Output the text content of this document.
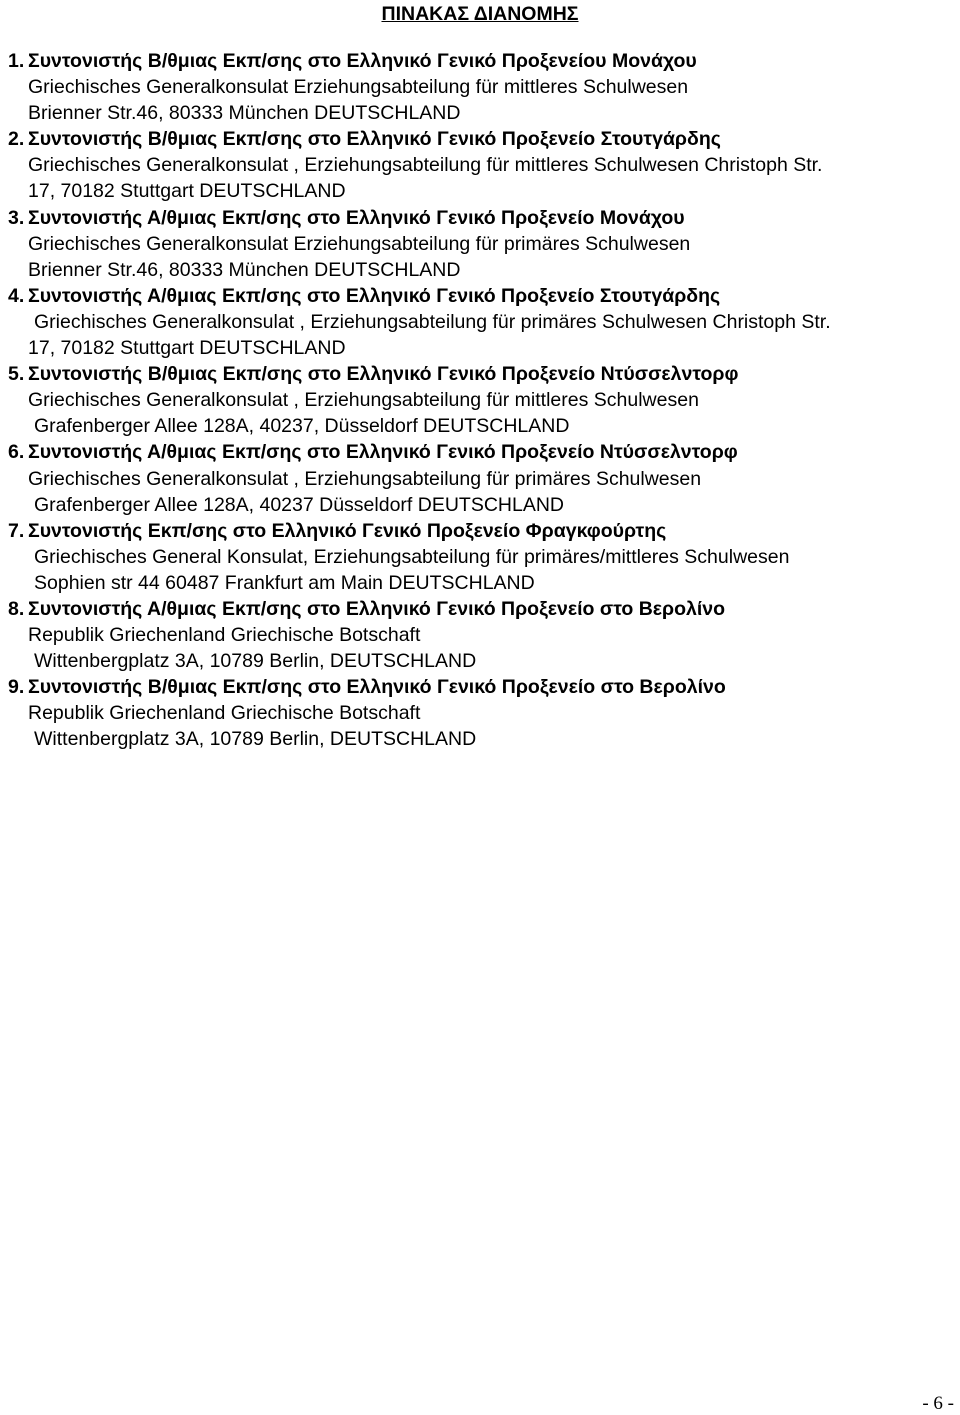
ΠΙΝΑΚΑΣ ΔΙΑΝΟΜΗΣ
1. Συντονιστής Β/θμιας Εκπ/σης στο Ελληνικό Γενικό Προξενείου Μονάχου
Griechisches Generalkonsulat Erziehungsabteilung für mittleres Schulwesen
Brienner Str.46, 80333 München DEUTSCHLAND
2. Συντονιστής Β/θμιας Εκπ/σης στο Ελληνικό Γενικό Προξενείο Στουτγάρδης
Griechisches Generalkonsulat , Erziehungsabteilung für mittleres Schulwesen Christoph Str.
17, 70182 Stuttgart DEUTSCHLAND
3. Συντονιστής Α/θμιας Εκπ/σης στο Ελληνικό Γενικό Προξενείο Μονάχου
Griechisches Generalkonsulat Erziehungsabteilung für primäres Schulwesen
Brienner Str.46, 80333 München DEUTSCHLAND
4. Συντονιστής Α/θμιας Εκπ/σης στο Ελληνικό Γενικό Προξενείο Στουτγάρδης
Griechisches Generalkonsulat , Erziehungsabteilung für primäres Schulwesen Christoph Str.
17, 70182 Stuttgart DEUTSCHLAND
5. Συντονιστής Β/θμιας Εκπ/σης στο Ελληνικό Γενικό Προξενείο Ντύσσελντορφ
Griechisches Generalkonsulat , Erziehungsabteilung für mittleres Schulwesen
Grafenberger Allee 128A, 40237, Düsseldorf DEUTSCHLAND
6. Συντονιστής Α/θμιας Εκπ/σης στο Ελληνικό Γενικό Προξενείο Ντύσσελντορφ
Griechisches Generalkonsulat , Erziehungsabteilung für primäres Schulwesen
Grafenberger Allee 128A, 40237 Düsseldorf DEUTSCHLAND
7. Συντονιστής Εκπ/σης στο Ελληνικό Γενικό Προξενείο Φραγκφούρτης
Griechisches General Konsulat, Erziehungsabteilung für primäres/mittleres Schulwesen
Sophien str 44 60487 Frankfurt am Main DEUTSCHLAND
8. Συντονιστής Α/θμιας Εκπ/σης στο Ελληνικό Γενικό Προξενείο στο Βερολίνο
Republik Griechenland Griechische Botschaft
Wittenbergplatz 3A, 10789 Berlin, DEUTSCHLAND
9. Συντονιστής Β/θμιας Εκπ/σης στο Ελληνικό Γενικό Προξενείο στο Βερολίνο
Republik Griechenland Griechische Botschaft
Wittenbergplatz 3A, 10789 Berlin, DEUTSCHLAND
- 6 -
